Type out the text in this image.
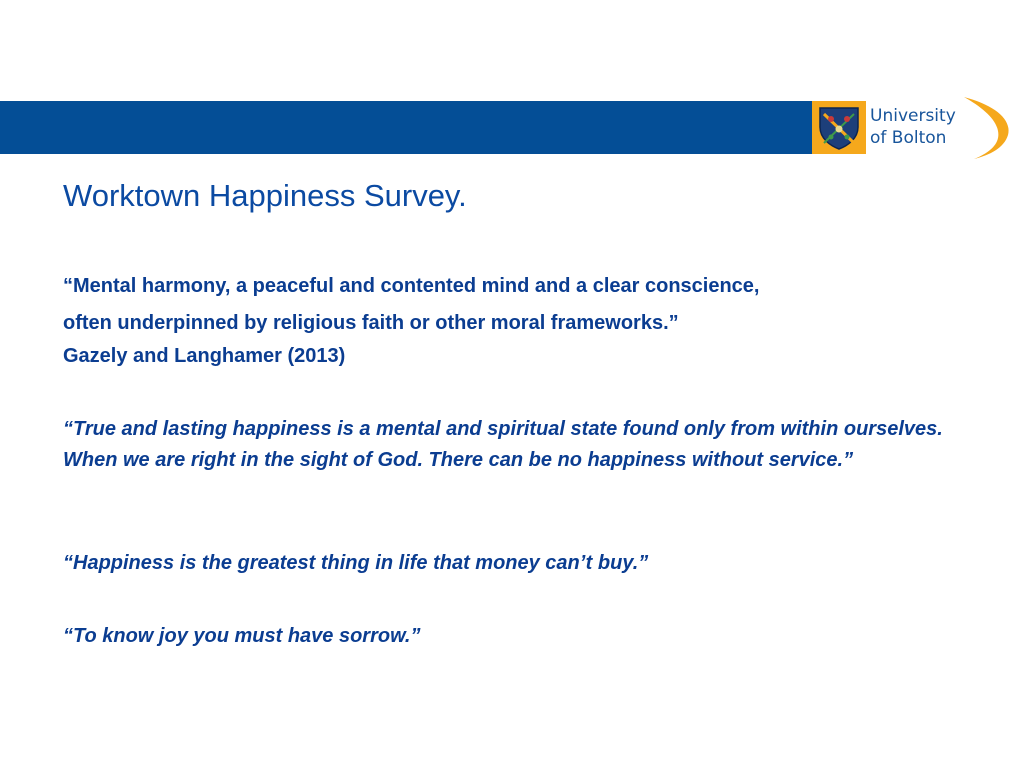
University
of Bolton
Worktown Happiness Survey.
“Mental harmony, a peaceful and contented mind and a clear conscience,
often underpinned by religious faith or other moral frameworks.”
Gazely and Langhamer (2013)
“True and lasting happiness is a mental and spiritual state found only from within ourselves. When we are right in the sight of God. There can be no happiness without service.”
“Happiness is the greatest thing in life that money can’t buy.”
“To know joy you must have sorrow.”
